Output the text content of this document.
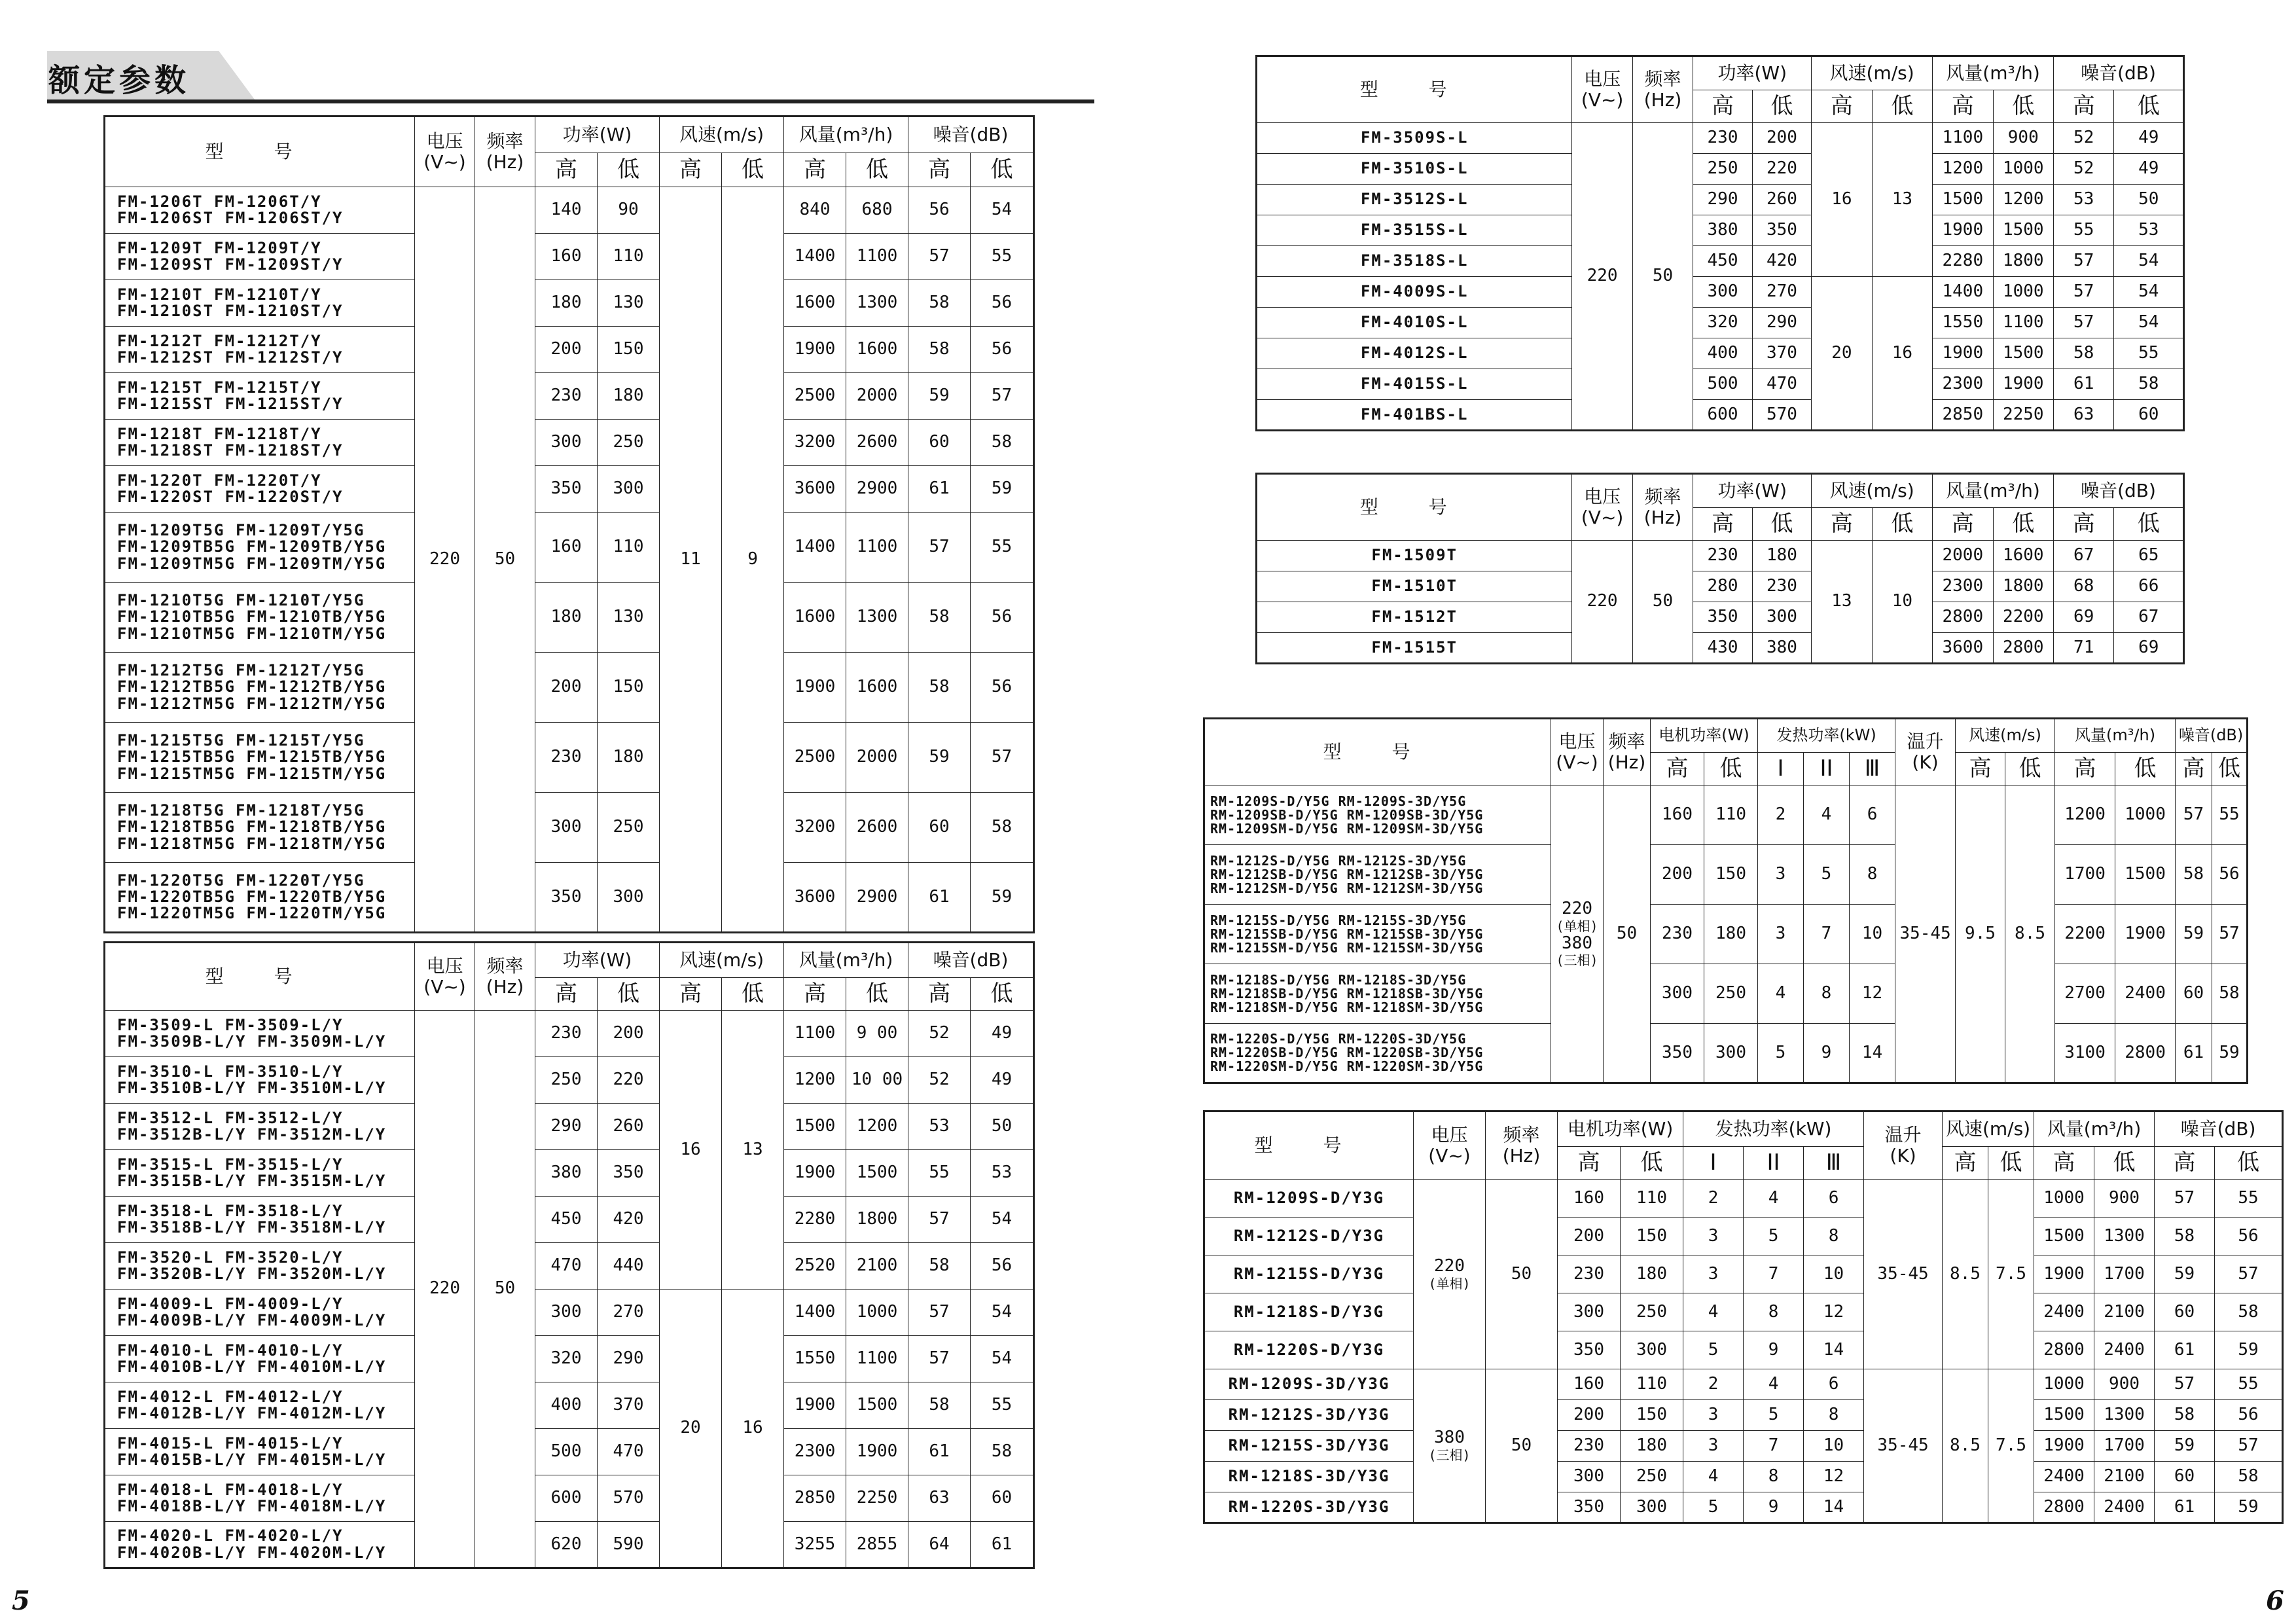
额定参数
型 号	电压
(V~)	频率
(Hz)	功率(W)		风速(m/s)		风量(m³/h)		噪音(dB)	
			高	低	高	低	高	低	高	低

FM-1206T FM-1206T/Y
FM-1206ST FM-1206ST/Y	220	50	140	90	11	9	840	680	56	54

FM-1209T FM-1209T/Y
FM-1209ST FM-1209ST/Y			160	110			1400	1100	57	55

FM-1210T FM-1210T/Y
FM-1210ST FM-1210ST/Y			180	130			1600	1300	58	56

FM-1212T FM-1212T/Y
FM-1212ST FM-1212ST/Y			200	150			1900	1600	58	56

FM-1215T FM-1215T/Y
FM-1215ST FM-1215ST/Y			230	180			2500	2000	59	57

FM-1218T FM-1218T/Y
FM-1218ST FM-1218ST/Y			300	250			3200	2600	60	58

FM-1220T FM-1220T/Y
FM-1220ST FM-1220ST/Y			350	300			3600	2900	61	59

FM-1209T5G FM-1209T/Y5G
FM-1209TB5G FM-1209TB/Y5G
FM-1209TM5G FM-1209TM/Y5G			160	110			1400	1100	57	55

FM-1210T5G FM-1210T/Y5G
FM-1210TB5G FM-1210TB/Y5G
FM-1210TM5G FM-1210TM/Y5G			180	130			1600	1300	58	56

FM-1212T5G FM-1212T/Y5G
FM-1212TB5G FM-1212TB/Y5G
FM-1212TM5G FM-1212TM/Y5G			200	150			1900	1600	58	56

FM-1215T5G FM-1215T/Y5G
FM-1215TB5G FM-1215TB/Y5G
FM-1215TM5G FM-1215TM/Y5G			230	180			2500	2000	59	57

FM-1218T5G FM-1218T/Y5G
FM-1218TB5G FM-1218TB/Y5G
FM-1218TM5G FM-1218TM/Y5G			300	250			3200	2600	60	58

FM-1220T5G FM-1220T/Y5G
FM-1220TB5G FM-1220TB/Y5G
FM-1220TM5G FM-1220TM/Y5G			350	300			3600	2900	61	59
型 号	电压
(V~)	频率
(Hz)	功率(W)		风速(m/s)		风量(m³/h)		噪音(dB)	
			高	低	高	低	高	低	高	低

FM-3509-L FM-3509-L/Y
FM-3509B-L/Y FM-3509M-L/Y	220	50	230	200	16	13	1100	9 00	52	49

FM-3510-L FM-3510-L/Y
FM-3510B-L/Y FM-3510M-L/Y			250	220			1200	10 00	52	49

FM-3512-L FM-3512-L/Y
FM-3512B-L/Y FM-3512M-L/Y			290	260			1500	1200	53	50

FM-3515-L FM-3515-L/Y
FM-3515B-L/Y FM-3515M-L/Y			380	350			1900	1500	55	53

FM-3518-L FM-3518-L/Y
FM-3518B-L/Y FM-3518M-L/Y			450	420			2280	1800	57	54

FM-3520-L FM-3520-L/Y
FM-3520B-L/Y FM-3520M-L/Y			470	440			2520	2100	58	56

FM-4009-L FM-4009-L/Y
FM-4009B-L/Y FM-4009M-L/Y			300	270	20	16	1400	1000	57	54

FM-4010-L FM-4010-L/Y
FM-4010B-L/Y FM-4010M-L/Y			320	290			1550	1100	57	54

FM-4012-L FM-4012-L/Y
FM-4012B-L/Y FM-4012M-L/Y			400	370			1900	1500	58	55

FM-4015-L FM-4015-L/Y
FM-4015B-L/Y FM-4015M-L/Y			500	470			2300	1900	61	58

FM-4018-L FM-4018-L/Y
FM-4018B-L/Y FM-4018M-L/Y			600	570			2850	2250	63	60

FM-4020-L FM-4020-L/Y
FM-4020B-L/Y FM-4020M-L/Y			620	590			3255	2855	64	61
型 号	电压
(V~)	频率
(Hz)	功率(W)		风速(m/s)		风量(m³/h)		噪音(dB)	
			高	低	高	低	高	低	高	低
FM-3509S-L	220	50	230	200	16	13	1100	900	52	49
FM-3510S-L			250	220			1200	1000	52	49
FM-3512S-L			290	260			1500	1200	53	50
FM-3515S-L			380	350			1900	1500	55	53
FM-3518S-L			450	420			2280	1800	57	54
FM-4009S-L			300	270	20	16	1400	1000	57	54
FM-4010S-L			320	290			1550	1100	57	54
FM-4012S-L			400	370			1900	1500	58	55
FM-4015S-L			500	470			2300	1900	61	58
FM-401BS-L			600	570			2850	2250	63	60
型 号	电压
(V~)	频率
(Hz)	功率(W)		风速(m/s)		风量(m³/h)		噪音(dB)	
			高	低	高	低	高	低	高	低
FM-1509T	220	50	230	180	13	10	2000	1600	67	65
FM-1510T			280	230			2300	1800	68	66
FM-1512T			350	300			2800	2200	69	67
FM-1515T			430	380			3600	2800	71	69
型 号	电压
(V~)	频率
(Hz)	电机功率(W)		发热功率(kW)			温升
(K)	风速(m/s)		风量(m³/h)		噪音(dB)	
			高	低	Ⅰ	ⅠⅠ	Ⅲ		高	低	高	低	高	低

RM-1209S-D/Y5G RM-1209S-3D/Y5G
RM-1209SB-D/Y5G RM-1209SB-3D/Y5G
RM-1209SM-D/Y5G RM-1209SM-3D/Y5G	220
(单相)
380
(三相)	50	160	110	2	4	6	35-45	9.5	8.5	1200	1000	57	55

RM-1212S-D/Y5G RM-1212S-3D/Y5G
RM-1212SB-D/Y5G RM-1212SB-3D/Y5G
RM-1212SM-D/Y5G RM-1212SM-3D/Y5G			200	150	3	5	8				1700	1500	58	56

RM-1215S-D/Y5G RM-1215S-3D/Y5G
RM-1215SB-D/Y5G RM-1215SB-3D/Y5G
RM-1215SM-D/Y5G RM-1215SM-3D/Y5G			230	180	3	7	10				2200	1900	59	57

RM-1218S-D/Y5G RM-1218S-3D/Y5G
RM-1218SB-D/Y5G RM-1218SB-3D/Y5G
RM-1218SM-D/Y5G RM-1218SM-3D/Y5G			300	250	4	8	12				2700	2400	60	58

RM-1220S-D/Y5G RM-1220S-3D/Y5G
RM-1220SB-D/Y5G RM-1220SB-3D/Y5G
RM-1220SM-D/Y5G RM-1220SM-3D/Y5G			350	300	5	9	14				3100	2800	61	59
型 号	电压
(V~)	频率
(Hz)	电机功率(W)		发热功率(kW)			温升
(K)	风速(m/s)		风量(m³/h)		噪音(dB)	
			高	低	Ⅰ	ⅠⅠ	Ⅲ		高	低	高	低	高	低
RM-1209S-D/Y3G	220
(单相)	50	160	110	2	4	6	35-45	8.5	7.5	1000	900	57	55
RM-1212S-D/Y3G			200	150	3	5	8				1500	1300	58	56
RM-1215S-D/Y3G			230	180	3	7	10				1900	1700	59	57
RM-1218S-D/Y3G			300	250	4	8	12				2400	2100	60	58
RM-1220S-D/Y3G			350	300	5	9	14				2800	2400	61	59
RM-1209S-3D/Y3G	380
(三相)	50	160	110	2	4	6	35-45	8.5	7.5	1000	900	57	55
RM-1212S-3D/Y3G			200	150	3	5	8				1500	1300	58	56
RM-1215S-3D/Y3G			230	180	3	7	10				1900	1700	59	57
RM-1218S-3D/Y3G			300	250	4	8	12				2400	2100	60	58
RM-1220S-3D/Y3G			350	300	5	9	14				2800	2400	61	59
5	6
